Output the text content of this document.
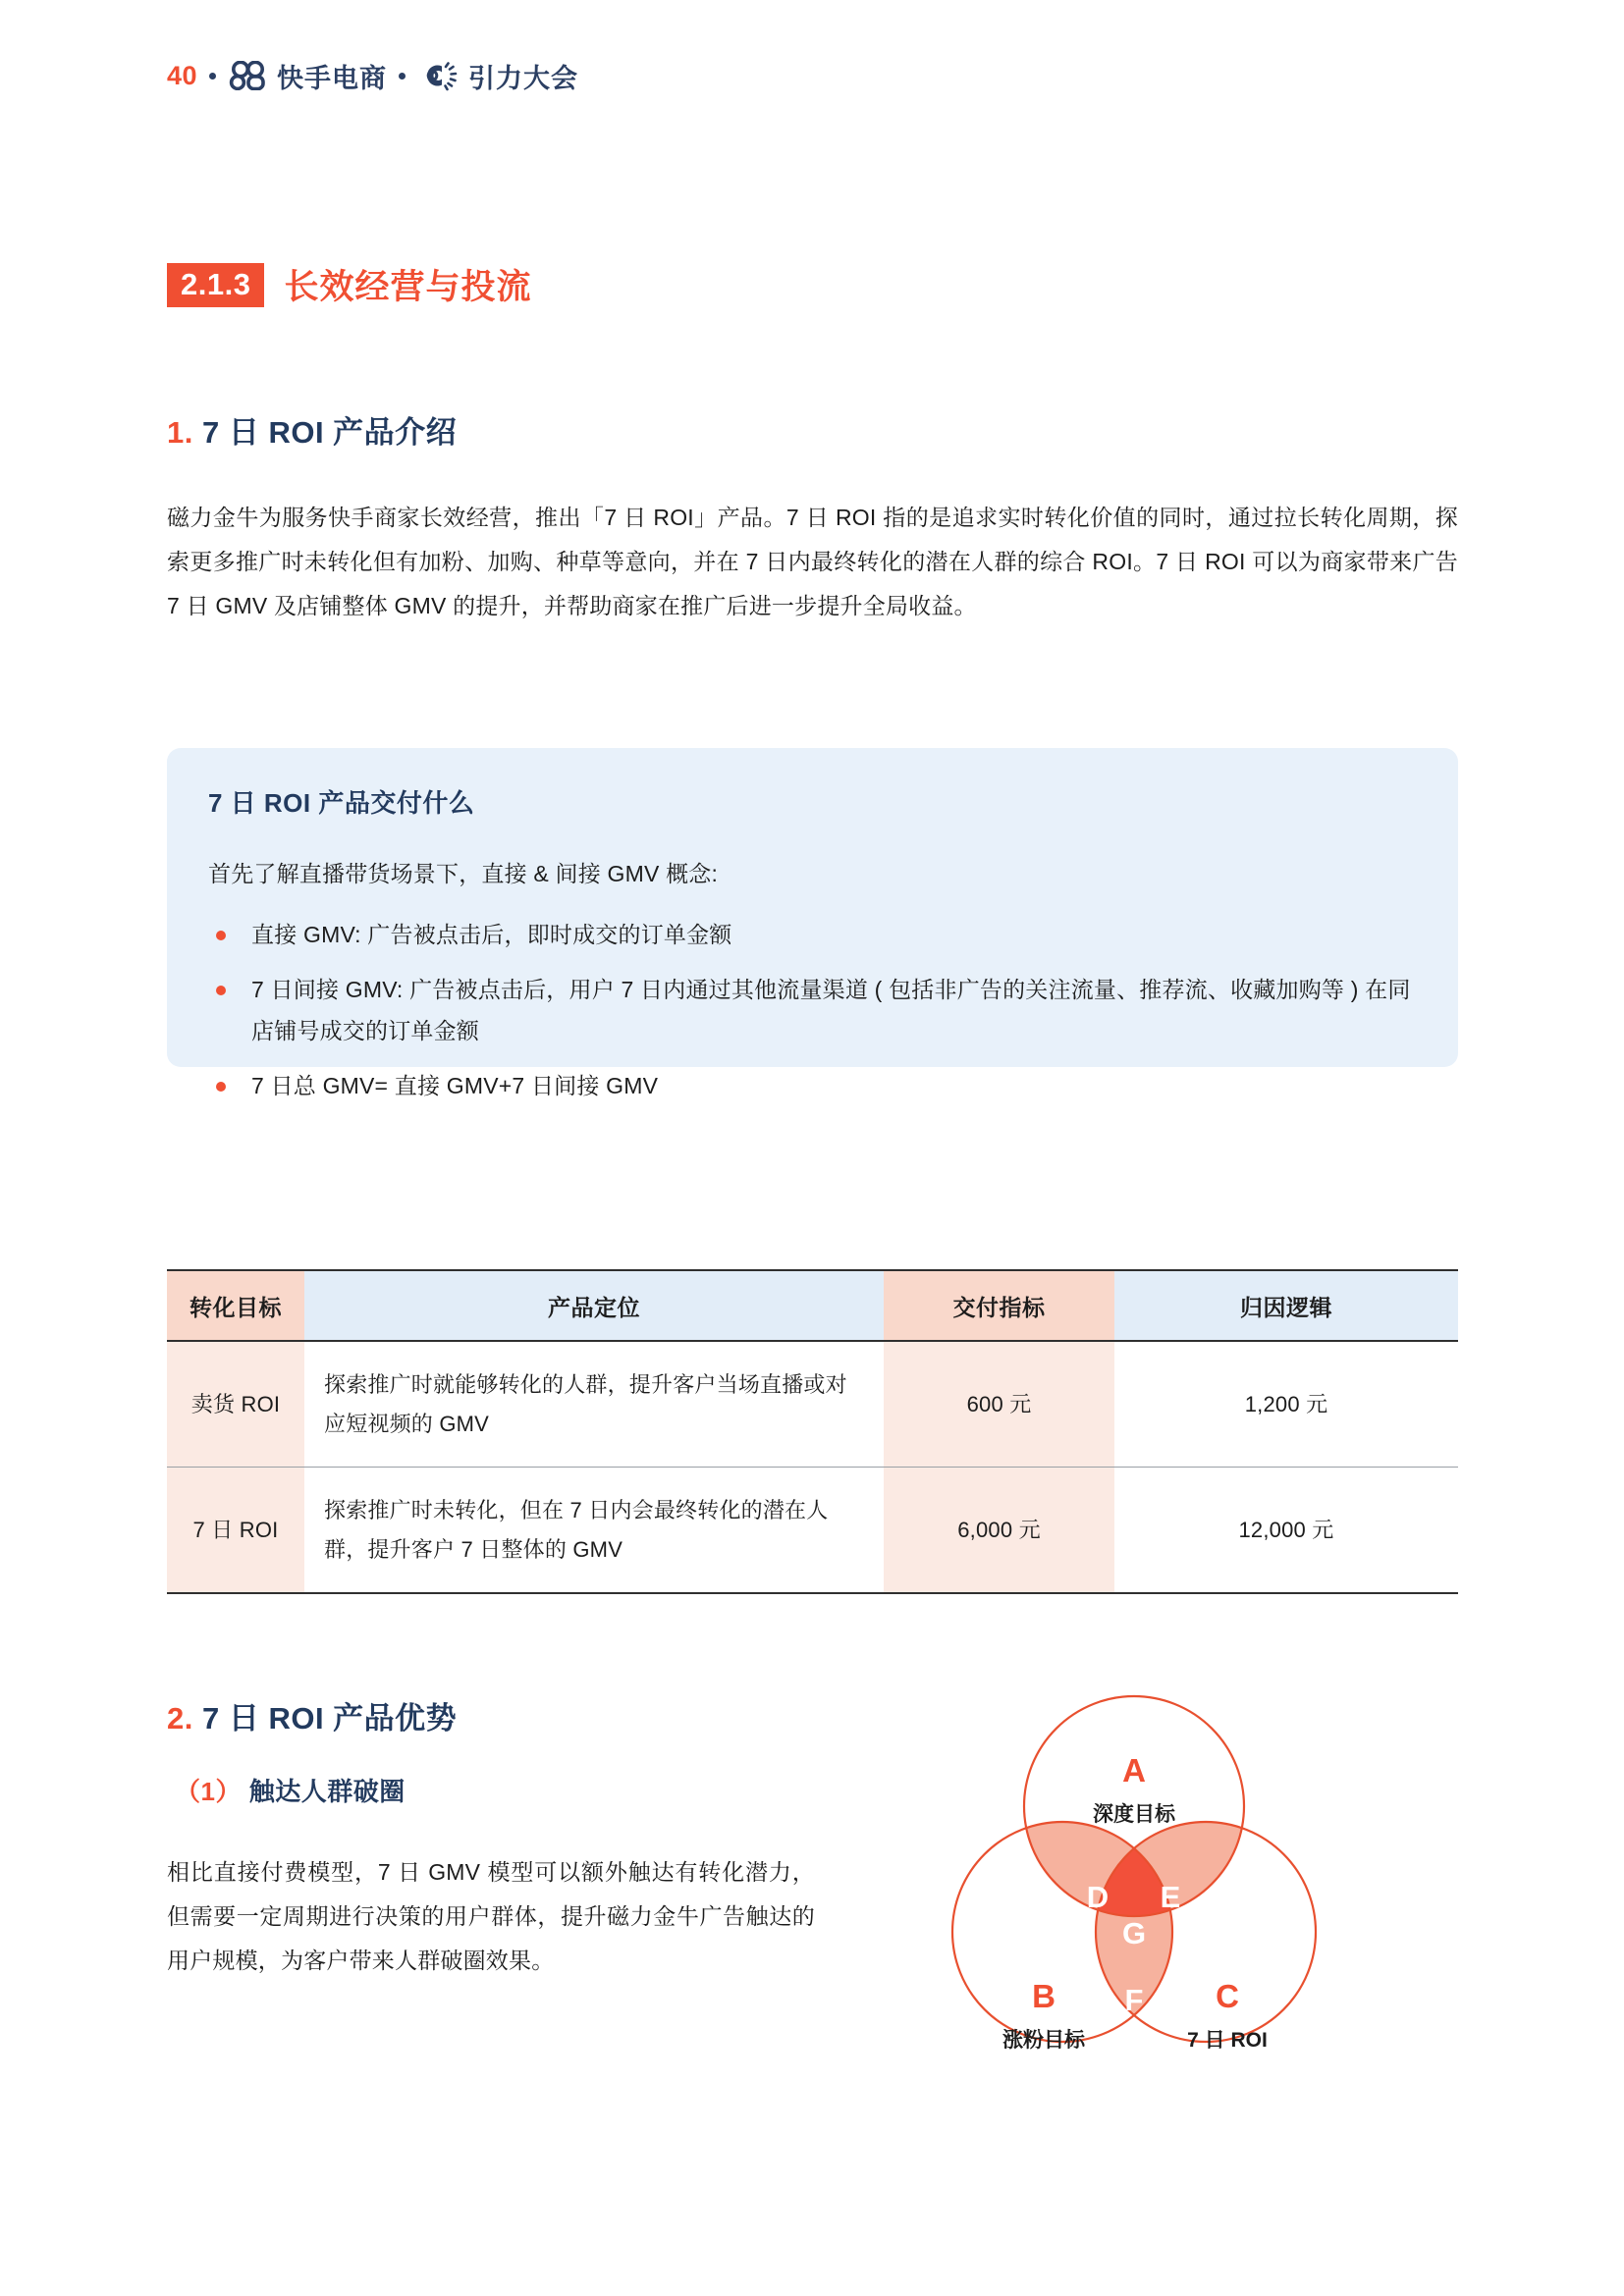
40	快手电商	引力大会
2.1.3 长效经营与投流
1. 7 日 ROI 产品介绍

磁力金牛为服务快手商家长效经营，推出「7 日 ROI」产品。7 日 ROI 指的是追求实时转化价值的同时，通过拉长转化周期，探索更多推广时未转化但有加粉、加购、种草等意向，并在 7 日内最终转化的潜在人群的综合 ROI。7 日 ROI 可以为商家带来广告 7 日 GMV 及店铺整体 GMV 的提升，并帮助商家在推广后进一步提升全局收益。

7 日 ROI 产品交付什么
首先了解直播带货场景下，直接 & 间接 GMV 概念:
直接 GMV: 广告被点击后，即时成交的订单金额
7 日间接 GMV: 广告被点击后，用户 7 日内通过其他流量渠道 ( 包括非广告的关注流量、推荐流、收藏加购等 ) 在同店铺号成交的订单金额
7 日总 GMV= 直接 GMV+7 日间接 GMV
转化目标	产品定位	交付指标	归因逻辑
卖货 ROI	探索推广时就能够转化的人群，提升客户当场直播或对应短视频的 GMV	600 元	1,200 元
7 日 ROI	探索推广时未转化，但在 7 日内会最终转化的潜在人群，提升客户 7 日整体的 GMV	6,000 元	12,000 元
2. 7 日 ROI 产品优势
（1） 触达人群破圈

相比直接付费模型，7 日 GMV 模型可以额外触达有转化潜力，但需要一定周期进行决策的用户群体，提升磁力金牛广告触达的用户规模，为客户带来人群破圈效果。

A
深度目标
B
涨粉目标
C
7 日 ROI
D E
G
F
